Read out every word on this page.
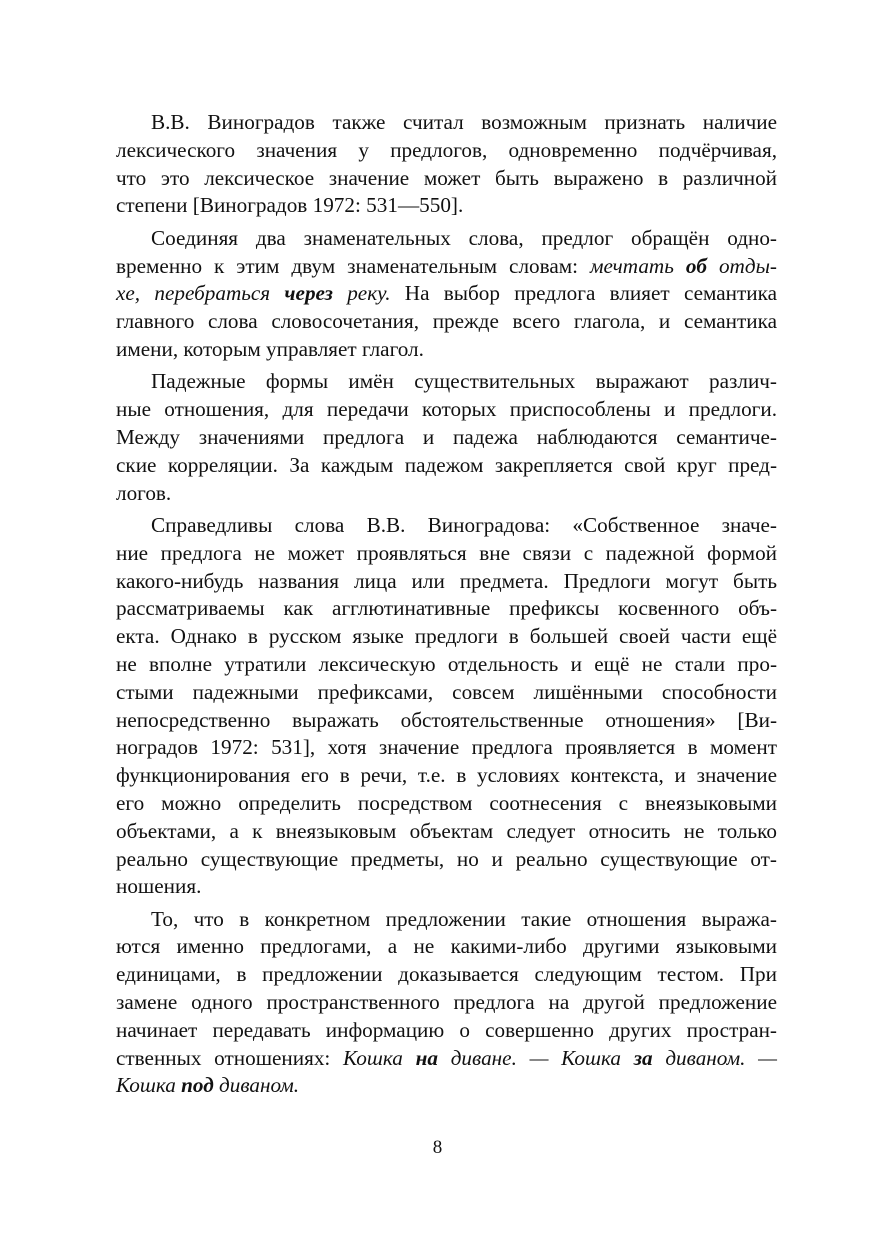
В.В. Виноградов также считал возможным признать наличие
лексического значения у предлогов, одновременно подчёрчивая,
что это лексическое значение может быть выражено в различной
степени [Виноградов 1972: 531—550].
Соединяя два знаменательных слова, предлог обращён одно-
временно к этим двум знаменательным словам: мечтать об отды-
хе, перебраться через реку. На выбор предлога влияет семантика
главного слова словосочетания, прежде всего глагола, и семантика
имени, которым управляет глагол.
Падежные формы имён существительных выражают различ-
ные отношения, для передачи которых приспособлены и предлоги.
Между значениями предлога и падежа наблюдаются семантиче-
ские корреляции. За каждым падежом закрепляется свой круг пред-
логов.
Справедливы слова В.В. Виноградова: «Собственное значе-
ние предлога не может проявляться вне связи с падежной формой
какого-нибудь названия лица или предмета. Предлоги могут быть
рассматриваемы как агглютинативные префиксы косвенного объ-
екта. Однако в русском языке предлоги в большей своей части ещё
не вполне утратили лексическую отдельность и ещё не стали про-
стыми падежными префиксами, совсем лишёнными способности
непосредственно выражать обстоятельственные отношения» [Ви-
ноградов 1972: 531], хотя значение предлога проявляется в момент
функционирования его в речи, т.е. в условиях контекста, и значение
его можно определить посредством соотнесения с внеязыковыми
объектами, а к внеязыковым объектам следует относить не только
реально существующие предметы, но и реально существующие от-
ношения.
То, что в конкретном предложении такие отношения выража-
ются именно предлогами, а не какими-либо другими языковыми
единицами, в предложении доказывается следующим тестом. При
замене одного пространственного предлога на другой предложение
начинает передавать информацию о совершенно других простран-
ственных отношениях: Кошка на диване. — Кошка за диваном. —
Кошка под диваном.
8
